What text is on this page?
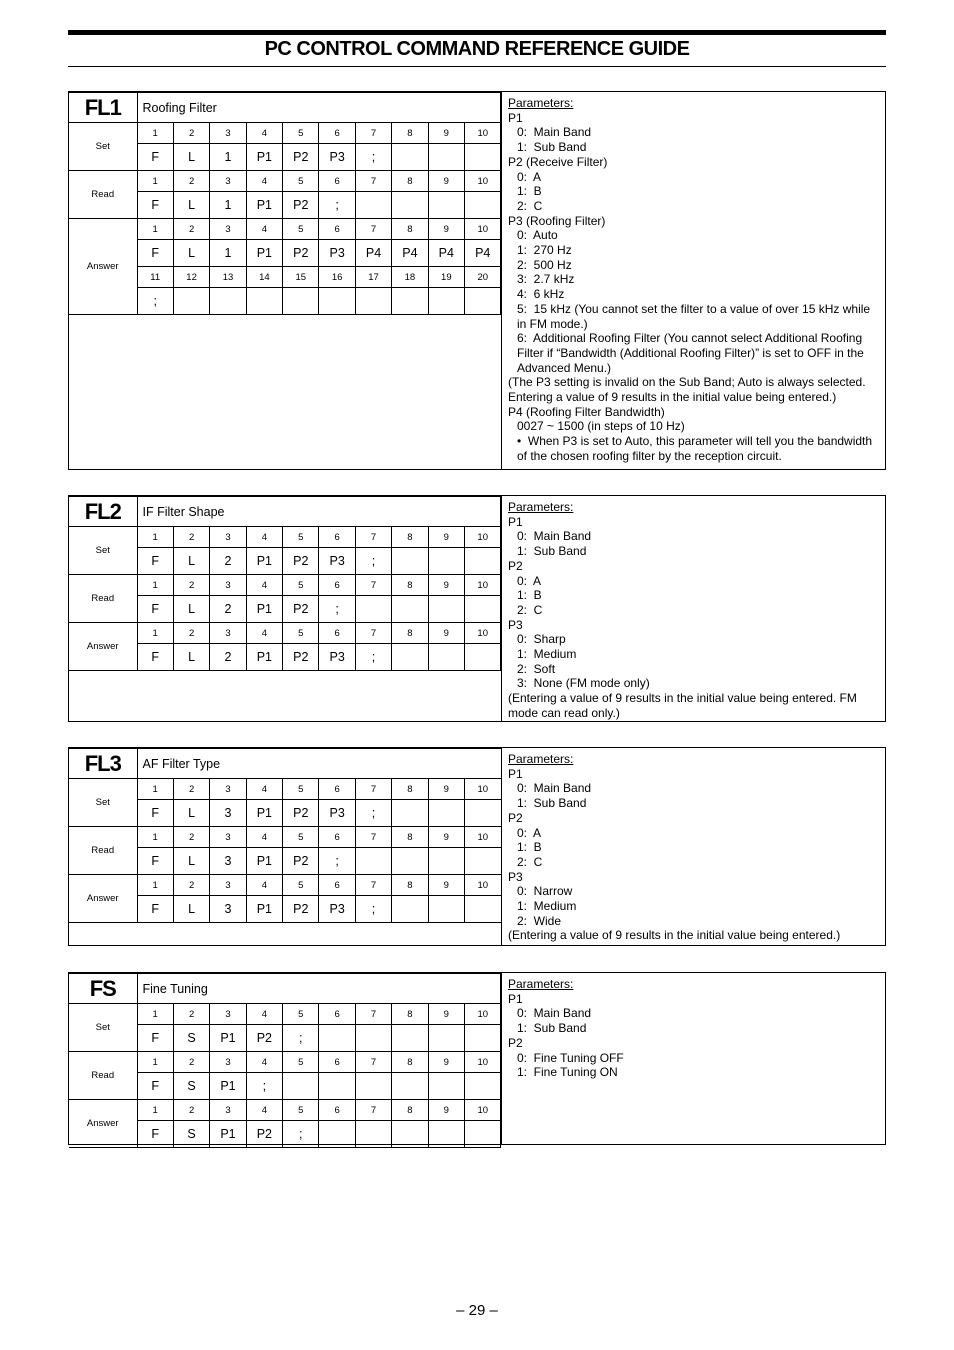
PC CONTROL COMMAND REFERENCE GUIDE
FL1	Roofing Filter									
Set	1	2	3	4	5	6	7	8	9	10
	F	L	1	P1	P2	P3	;			
Read	1	2	3	4	5	6	7	8	9	10
	F	L	1	P1	P2	;				
Answer	1	2	3	4	5	6	7	8	9	10
	F	L	1	P1	P2	P3	P4	P4	P4	P4
	11	12	13	14	15	16	17	18	19	20
	;									
Parameters:
P1
0:  Main Band
1:  Sub Band
P2 (Receive Filter)
0:  A
1:  B
2:  C
P3 (Roofing Filter)
0:  Auto
1:  270 Hz
2:  500 Hz
3:  2.7 kHz
4:  6 kHz
5:  15 kHz (You cannot set the filter to a value of over 15 kHz while in FM mode.)
6:  Additional Roofing Filter (You cannot select Additional Roofing Filter if “Bandwidth (Additional Roofing Filter)” is set to OFF in the Advanced Menu.)
(The P3 setting is invalid on the Sub Band; Auto is always selected. Entering a value of 9 results in the initial value being entered.)
P4 (Roofing Filter Bandwidth)
0027 ~ 1500 (in steps of 10 Hz)
•  When P3 is set to Auto, this parameter will tell you the bandwidth of the chosen roofing filter by the reception circuit.
FL2	IF Filter Shape									
Set	1	2	3	4	5	6	7	8	9	10
	F	L	2	P1	P2	P3	;			
Read	1	2	3	4	5	6	7	8	9	10
	F	L	2	P1	P2	;				
Answer	1	2	3	4	5	6	7	8	9	10
	F	L	2	P1	P2	P3	;			
Parameters:
P1
0:  Main Band
1:  Sub Band
P2
0:  A
1:  B
2:  C
P3
0:  Sharp
1:  Medium
2:  Soft
3:  None (FM mode only)
(Entering a value of 9 results in the initial value being entered. FM mode can read only.)
FL3	AF Filter Type									
Set	1	2	3	4	5	6	7	8	9	10
	F	L	3	P1	P2	P3	;			
Read	1	2	3	4	5	6	7	8	9	10
	F	L	3	P1	P2	;				
Answer	1	2	3	4	5	6	7	8	9	10
	F	L	3	P1	P2	P3	;			
Parameters:
P1
0:  Main Band
1:  Sub Band
P2
0:  A
1:  B
2:  C
P3
0:  Narrow
1:  Medium
2:  Wide
(Entering a value of 9 results in the initial value being entered.)
FS	Fine Tuning									
Set	1	2	3	4	5	6	7	8	9	10
	F	S	P1	P2	;					
Read	1	2	3	4	5	6	7	8	9	10
	F	S	P1	;						
Answer	1	2	3	4	5	6	7	8	9	10
	F	S	P1	P2	;					
Parameters:
P1
0:  Main Band
1:  Sub Band
P2
0:  Fine Tuning OFF
1:  Fine Tuning ON
– 29 –
